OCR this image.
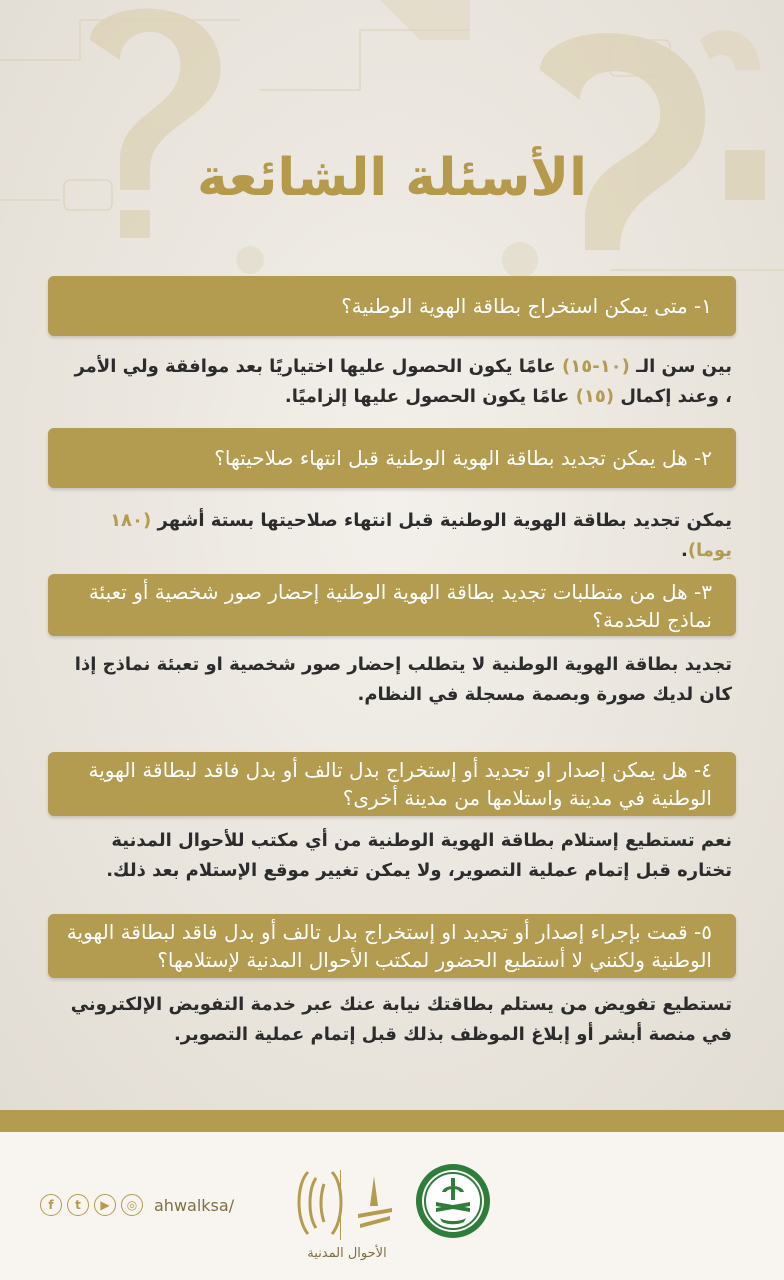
الأسئلة الشائعة
١- متى يمكن استخراج بطاقة الهوية الوطنية؟
بين سن الـ (١٠-١٥) عامًا يكون الحصول عليها اختياريًا بعد موافقة ولي الأمر ، وعند إكمال (١٥) عامًا يكون الحصول عليها إلزاميًا.
٢- هل يمكن تجديد بطاقة الهوية الوطنية قبل انتهاء صلاحيتها؟
يمكن تجديد بطاقة الهوية الوطنية قبل انتهاء صلاحيتها بستة أشهر (١٨٠ يوما).
٣- هل من متطلبات تجديد بطاقة الهوية الوطنية إحضار صور شخصية أو تعبئة نماذج للخدمة؟
تجديد بطاقة الهوية الوطنية لا يتطلب إحضار صور شخصية او تعبئة نماذج إذا كان لديك صورة وبصمة مسجلة في النظام.
٤- هل يمكن إصدار او تجديد أو إستخراج بدل تالف أو بدل فاقد لبطاقة الهوية الوطنية في مدينة واستلامها من مدينة أخرى؟
نعم تستطيع إستلام بطاقة الهوية الوطنية من أي مكتب للأحوال المدنية تختاره قبل إتمام عملية التصوير، ولا يمكن تغيير موقع الإستلام بعد ذلك.
٥- قمت بإجراء إصدار أو تجديد او إستخراج بدل تالف أو بدل فاقد لبطاقة الهوية الوطنية ولكنني لا أستطيع الحضور لمكتب الأحوال المدنية لإستلامها؟
تستطيع تفويض من يستلم بطاقتك نيابة عنك عبر خدمة التفويض الإلكتروني في منصة أبشر أو إبلاغ الموظف بذلك قبل إتمام عملية التصوير.
f	t	▶	◎	ahwalksa/
الأحوال المدنية
